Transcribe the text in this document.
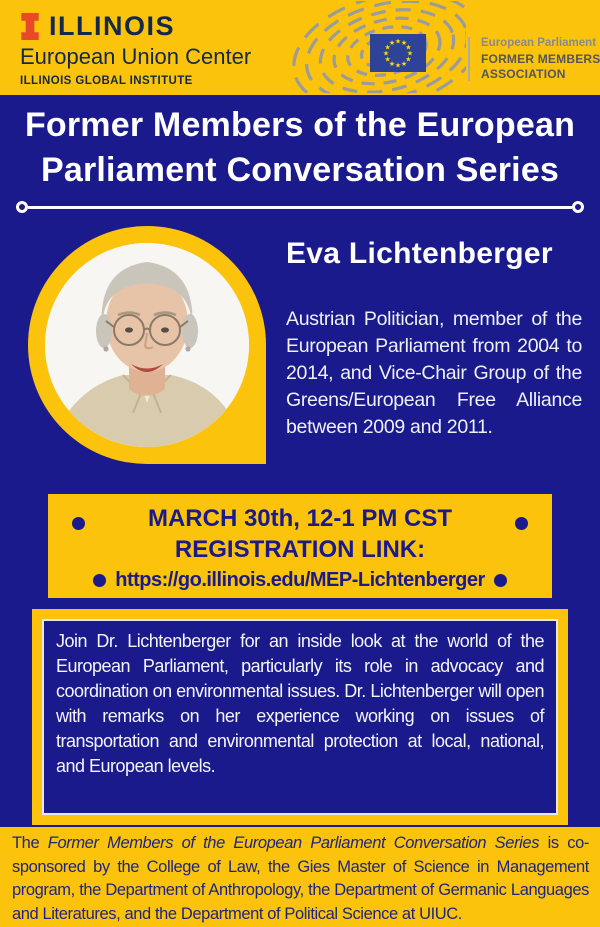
ILLINOIS
European Union Center
ILLINOIS GLOBAL INSTITUTE
★
★
★
★
★
★
★
★
★ ★ ★
★	European Parliament
FORMER MEMBERS
ASSOCIATION
Former Members of the European
Parliament Conversation Series
Eva Lichtenberger
Austrian Politician, member of the European Parliament from 2004 to 2014, and Vice-Chair Group of the Greens/European Free Alliance between 2009 and 2011.
MARCH 30th, 12-1 PM CST
REGISTRATION LINK:
https://go.illinois.edu/MEP-Lichtenberger

Join Dr. Lichtenberger for an inside look at the world of the European Parliament, particularly its role in advocacy and coordination on environmental issues. Dr. Lichtenberger will open with remarks on her experience working on issues of transportation and environmental protection at local, national, and European levels.

The Former Members of the European Parliament Conversation Series is co-sponsored by the College of Law, the Gies Master of Science in Management program, the Department of Anthropology, the Department of Germanic Languages and Literatures, and the Department of Political Science at UIUC.
